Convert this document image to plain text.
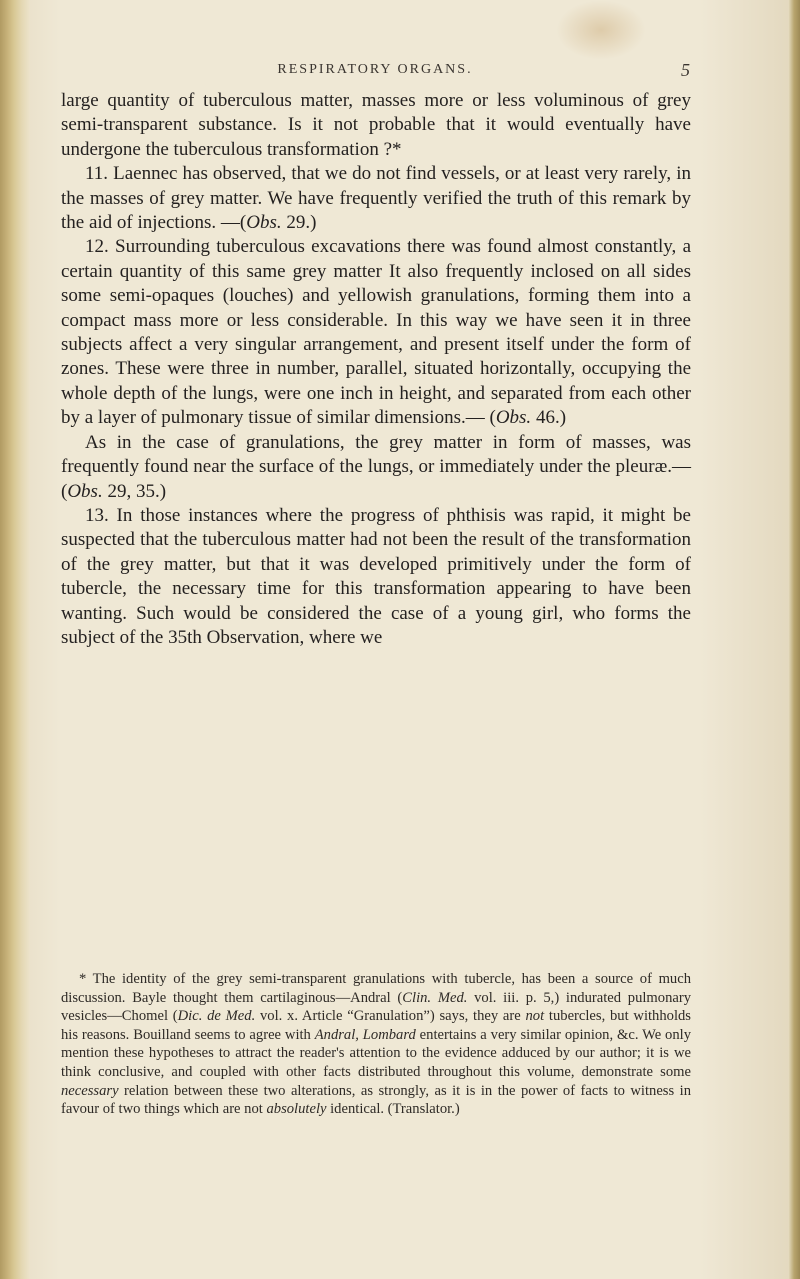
RESPIRATORY ORGANS.	5

large quantity of tuberculous matter, masses more or less voluminous of grey semi-transparent substance. Is it not probable that it would eventually have undergone the tuberculous transformation ?*

11. Laennec has observed, that we do not find vessels, or at least very rarely, in the masses of grey matter. We have frequently verified the truth of this remark by the aid of injections. —(Obs. 29.)

12. Surrounding tuberculous excavations there was found almost constantly, a certain quantity of this same grey matter It also frequently inclosed on all sides some semi-opaques (louches) and yellowish granulations, forming them into a compact mass more or less considerable. In this way we have seen it in three subjects affect a very singular arrangement, and present itself under the form of zones. These were three in number, parallel, situated horizontally, occupying the whole depth of the lungs, were one inch in height, and separated from each other by a layer of pulmonary tissue of similar dimensions.— (Obs. 46.)

As in the case of granulations, the grey matter in form of masses, was frequently found near the surface of the lungs, or immediately under the pleuræ.—(Obs. 29, 35.)

13. In those instances where the progress of phthisis was rapid, it might be suspected that the tuberculous matter had not been the result of the transformation of the grey matter, but that it was developed primitively under the form of tubercle, the necessary time for this transformation appearing to have been wanting. Such would be considered the case of a young girl, who forms the subject of the 35th Observation, where we

* The identity of the grey semi-transparent granulations with tubercle, has been a source of much discussion. Bayle thought them cartilaginous—Andral (Clin. Med. vol. iii. p. 5,) indurated pulmonary vesicles—Chomel (Dic. de Med. vol. x. Article “Granulation”) says, they are not tubercles, but withholds his reasons. Bouilland seems to agree with Andral, Lombard entertains a very similar opinion, &c. We only mention these hypotheses to attract the reader's attention to the evidence adduced by our author; it is we think conclusive, and coupled with other facts distributed throughout this volume, demonstrate some necessary relation between these two alterations, as strongly, as it is in the power of facts to witness in favour of two things which are not absolutely identical. (Translator.)
